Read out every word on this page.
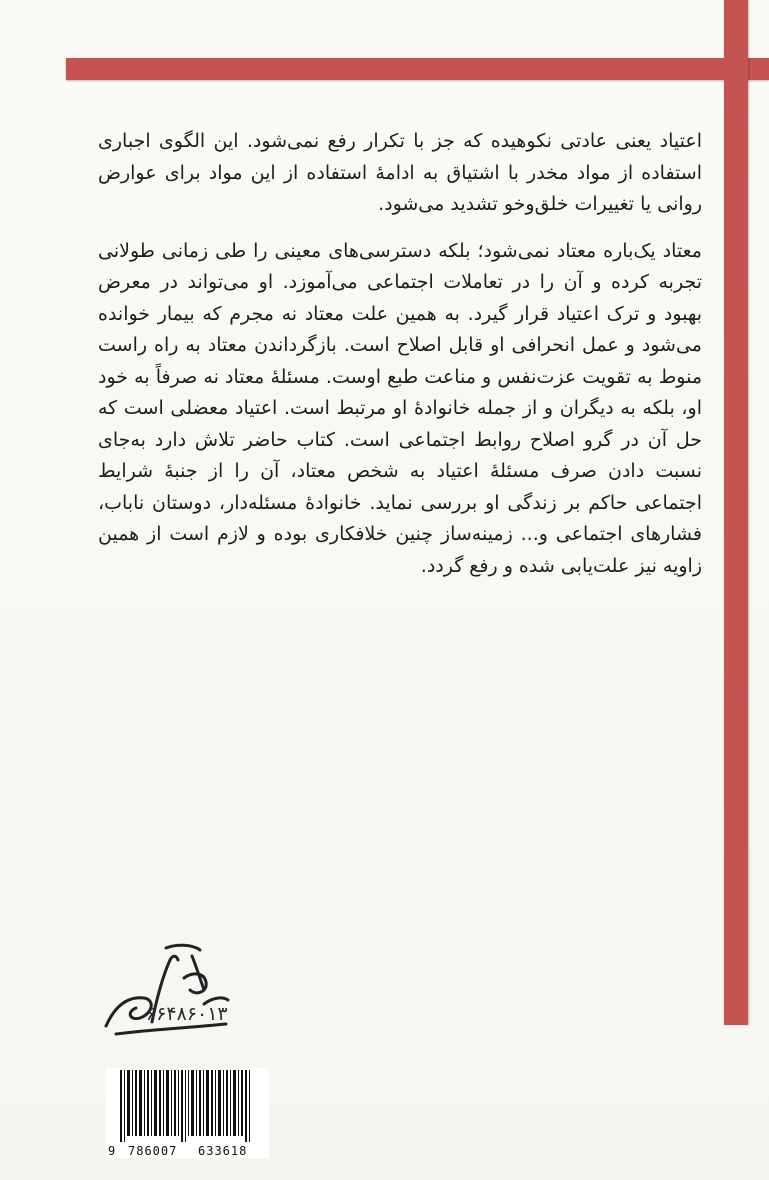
اعتیاد یعنی عادتی نکوهیده که جز با تکرار رفع نمی‌شود. این الگوی اجباری استفاده از مواد مخدر با اشتیاق به ادامۀ استفاده از این مواد برای عوارض روانی یا تغییرات خلق‌وخو تشدید می‌شود.

معتاد یک‌باره معتاد نمی‌شود؛ بلکه دسترسی‌های معینی را طی زمانی طولانی تجربه کرده و آن را در تعاملات اجتماعی می‌آموزد. او می‌تواند در معرض بهبود و ترک اعتیاد قرار گیرد. به همین علت معتاد نه مجرم که بیمار خوانده می‌شود و عمل انحرافی او قابل اصلاح است. بازگرداندن معتاد به راه راست منوط به تقویت عزت‌نفس و مناعت طبع اوست. مسئلۀ معتاد نه صرفاً به خود او، بلکه به دیگران و از جمله خانوادۀ او مرتبط است. اعتیاد معضلی است که حل آن در گرو اصلاح روابط اجتماعی است. کتاب حاضر تلاش دارد به‌جای نسبت دادن صرف مسئلۀ اعتیاد به شخص معتاد، آن را از جنبۀ شرایط اجتماعی حاکم بر زندگی او بررسی نماید. خانوادۀ مسئله‌دار، دوستان ناباب، فشارهای اجتماعی و... زمینه‌ساز چنین خلافکاری بوده و لازم است از همین زاویه نیز علت‌یابی شده و رفع گردد.

۶۶۴۸۶۰۱۳
9 786007 633618
